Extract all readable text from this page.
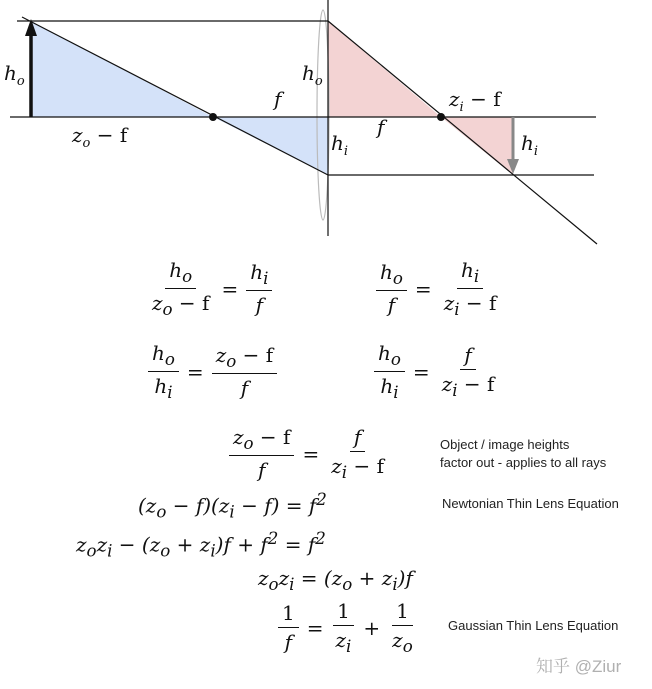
$h_o$
$z_o - f$
f
$h_o$
$h_i$
f
$z_i - f$
$h_i$
$\frac{h_o}{z_o - f} = \frac{h_i}{f}$	$\frac{h_o}{f} = \frac{h_i}{z_i - f}$
$\frac{h_o}{h_i} = \frac{z_o - f}{f}$	$\frac{h_o}{h_i} = \frac{f}{z_i - f}$
$\frac{z_o - f}{f} = \frac{f}{z_i - f}$	Object / image heights
factor out - applies to all rays
$(z_o - f)(z_i - f) = f^2$	Newtonian Thin Lens Equation
$z_oz_i - (z_o + z_i)f + f^2 = f^2$
$z_oz_i = (z_o + z_i)f$
$\frac{1}{f} = \frac{1}{z_i} + \frac{1}{z_o}$ Gaussian Thin Lens Equation
知乎 @Ziur
